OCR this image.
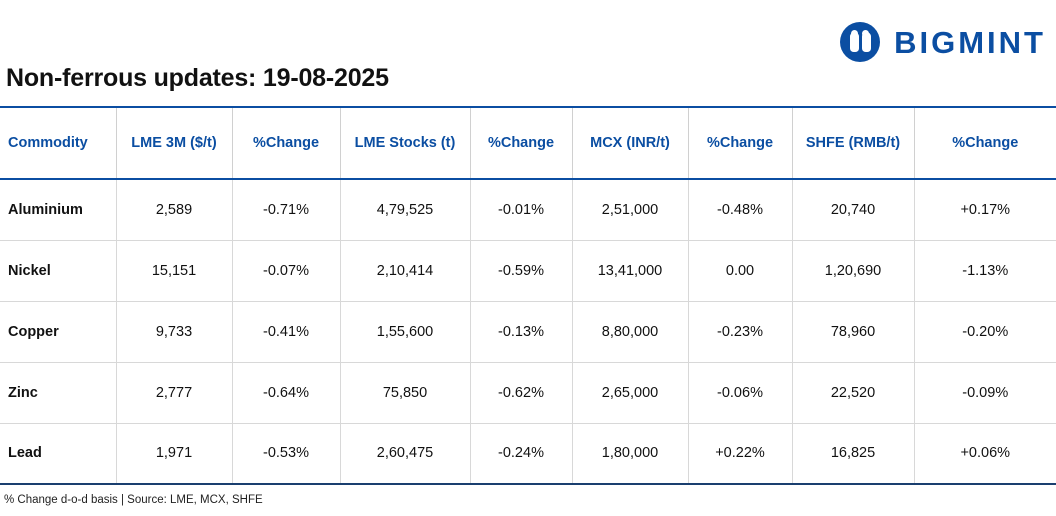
BIGMINT
Non-ferrous updates: 19-08-2025
Commodity	LME 3M ($/t)	%Change	LME Stocks (t)	%Change	MCX (INR/t)	%Change	SHFE (RMB/t)	%Change
Aluminium	2,589	-0.71%	4,79,525	-0.01%	2,51,000	-0.48%	20,740	+0.17%
Nickel	15,151	-0.07%	2,10,414	-0.59%	13,41,000	0.00	1,20,690	-1.13%
Copper	9,733	-0.41%	1,55,600	-0.13%	8,80,000	-0.23%	78,960	-0.20%
Zinc	2,777	-0.64%	75,850	-0.62%	2,65,000	-0.06%	22,520	-0.09%
Lead	1,971	-0.53%	2,60,475	-0.24%	1,80,000	+0.22%	16,825	+0.06%
% Change d-o-d basis | Source: LME, MCX, SHFE
